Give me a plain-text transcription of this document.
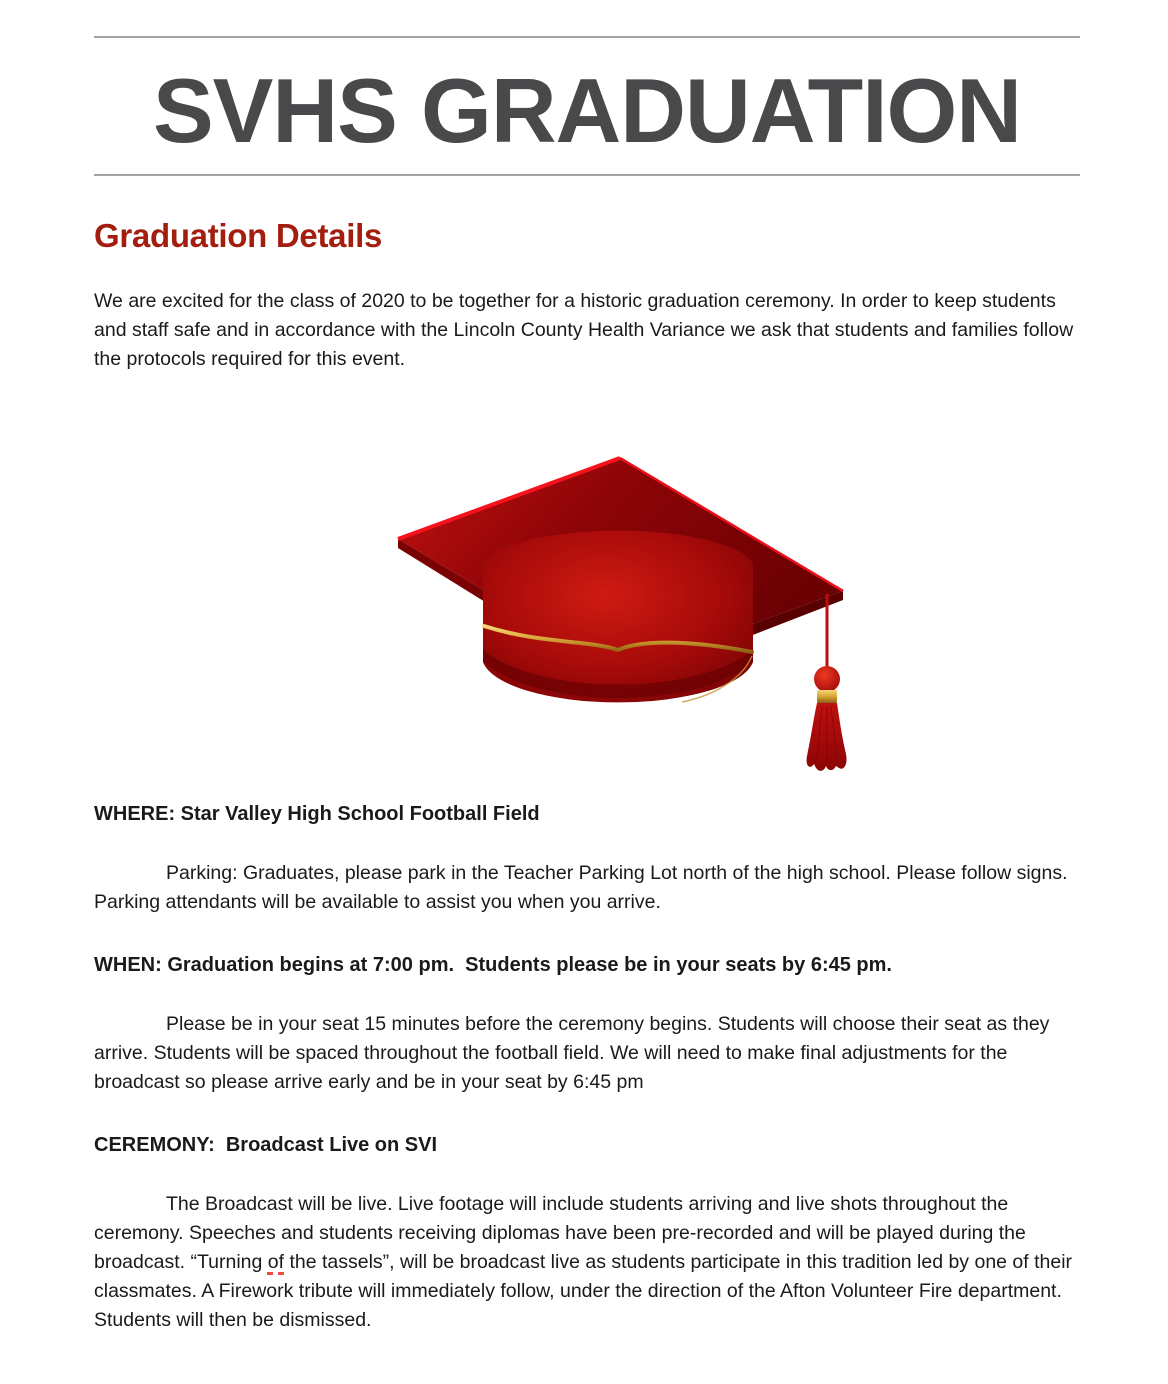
SVHS GRADUATION
Graduation Details

We are excited for the class of 2020 to be together for a historic graduation ceremony. In order to keep students and staff safe and in accordance with the Lincoln County Health Variance we ask that students and families follow the protocols required for this event.

WHERE: Star Valley High School Football Field

Parking: Graduates, please park in the Teacher Parking Lot north of the high school. Please follow signs. Parking attendants will be available to assist you when you arrive.

WHEN: Graduation begins at 7:00 pm.  Students please be in your seats by 6:45 pm.

Please be in your seat 15 minutes before the ceremony begins. Students will choose their seat as they arrive. Students will be spaced throughout the football field. We will need to make final adjustments for the broadcast so please arrive early and be in your seat by 6:45 pm

CEREMONY:  Broadcast Live on SVI

The Broadcast will be live. Live footage will include students arriving and live shots throughout the ceremony. Speeches and students receiving diplomas have been pre-recorded and will be played during the broadcast. “Turning of the tassels”, will be broadcast live as students participate in this tradition led by one of their classmates. A Firework tribute will immediately follow, under the direction of the Afton Volunteer Fire department. Students will then be dismissed.
